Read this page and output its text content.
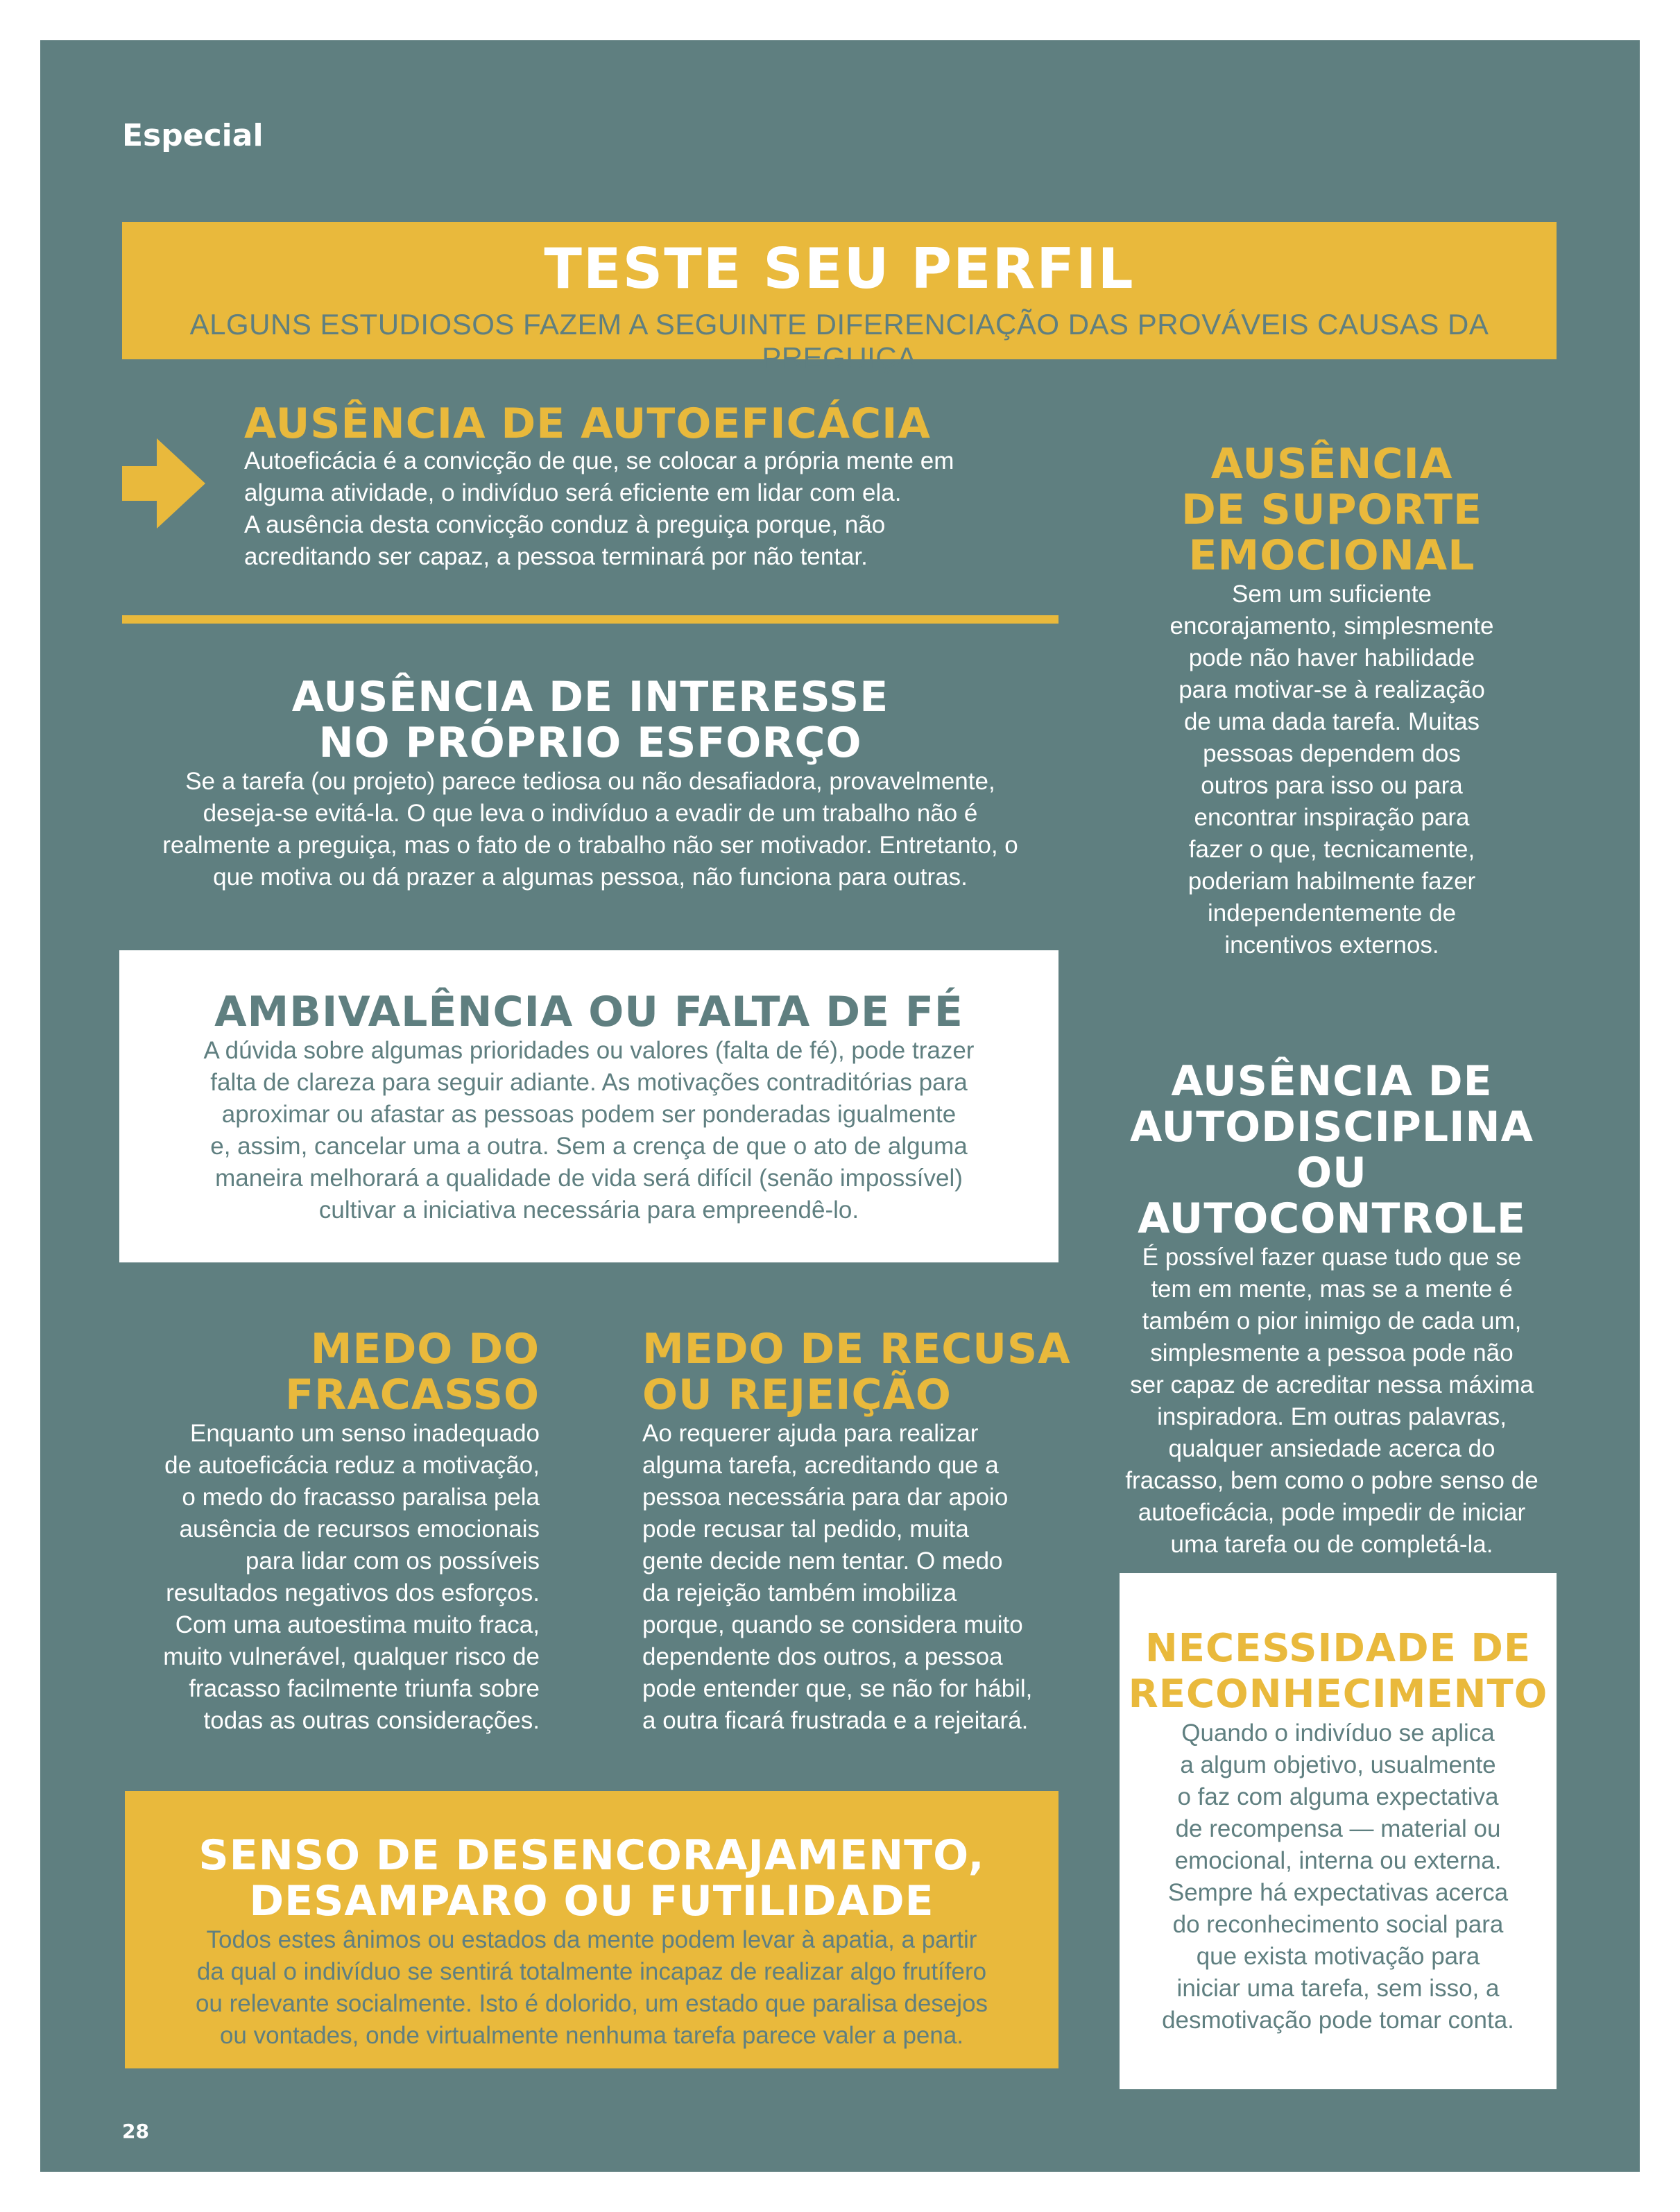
Especial
TESTE SEU PERFIL
ALGUNS ESTUDIOSOS FAZEM A SEGUINTE DIFERENCIAÇÃO DAS PROVÁVEIS CAUSAS DA PREGUIÇA
AUSÊNCIA DE AUTOEFICÁCIA
Autoeficácia é a convicção de que, se colocar a própria mente em
alguma atividade, o indivíduo será eficiente em lidar com ela.
A ausência desta convicção conduz à preguiça porque, não
acreditando ser capaz, a pessoa terminará por não tentar.
AUSÊNCIA DE INTERESSE
NO PRÓPRIO ESFORÇO
Se a tarefa (ou projeto) parece tediosa ou não desafiadora, provavelmente,
deseja-se evitá-la. O que leva o indivíduo a evadir de um trabalho não é
realmente a preguiça, mas o fato de o trabalho não ser motivador. Entretanto, o
que motiva ou dá prazer a algumas pessoa, não funciona para outras.
AMBIVALÊNCIA OU FALTA DE FÉ
A dúvida sobre algumas prioridades ou valores (falta de fé), pode trazer
falta de clareza para seguir adiante. As motivações contraditórias para
aproximar ou afastar as pessoas podem ser ponderadas igualmente
e, assim, cancelar uma a outra. Sem a crença de que o ato de alguma
maneira melhorará a qualidade de vida será difícil (senão impossível)
cultivar a iniciativa necessária para empreendê-lo.
AUSÊNCIA
DE SUPORTE
EMOCIONAL
Sem um suficiente
encorajamento, simplesmente
pode não haver habilidade
para motivar-se à realização
de uma dada tarefa. Muitas
pessoas dependem dos
outros para isso ou para
encontrar inspiração para
fazer o que, tecnicamente,
poderiam habilmente fazer
independentemente de
incentivos externos.
AUSÊNCIA DE
AUTODISCIPLINA
OU AUTOCONTROLE
É possível fazer quase tudo que se
tem em mente, mas se a mente é
também o pior inimigo de cada um,
simplesmente a pessoa pode não
ser capaz de acreditar nessa máxima
inspiradora. Em outras palavras,
qualquer ansiedade acerca do
fracasso, bem como o pobre senso de
autoeficácia, pode impedir de iniciar
uma tarefa ou de completá-la.
MEDO DO
FRACASSO
Enquanto um senso inadequado
de autoeficácia reduz a motivação,
o medo do fracasso paralisa pela
ausência de recursos emocionais
para lidar com os possíveis
resultados negativos dos esforços.
Com uma autoestima muito fraca,
muito vulnerável, qualquer risco de
fracasso facilmente triunfa sobre
todas as outras considerações.
MEDO DE RECUSA
OU REJEIÇÃO
Ao requerer ajuda para realizar
alguma tarefa, acreditando que a
pessoa necessária para dar apoio
pode recusar tal pedido, muita
gente decide nem tentar. O medo
da rejeição também imobiliza
porque, quando se considera muito
dependente dos outros, a pessoa
pode entender que, se não for hábil,
a outra ficará frustrada e a rejeitará.
NECESSIDADE DE
RECONHECIMENTO
Quando o indivíduo se aplica
a algum objetivo, usualmente
o faz com alguma expectativa
de recompensa — material ou
emocional, interna ou externa.
Sempre há expectativas acerca
do reconhecimento social para
que exista motivação para
iniciar uma tarefa, sem isso, a
desmotivação pode tomar conta.
SENSO DE DESENCORAJAMENTO,
DESAMPARO OU FUTILIDADE
Todos estes ânimos ou estados da mente podem levar à apatia, a partir
da qual o indivíduo se sentirá totalmente incapaz de realizar algo frutífero
ou relevante socialmente. Isto é dolorido, um estado que paralisa desejos
ou vontades, onde virtualmente nenhuma tarefa parece valer a pena.
28
